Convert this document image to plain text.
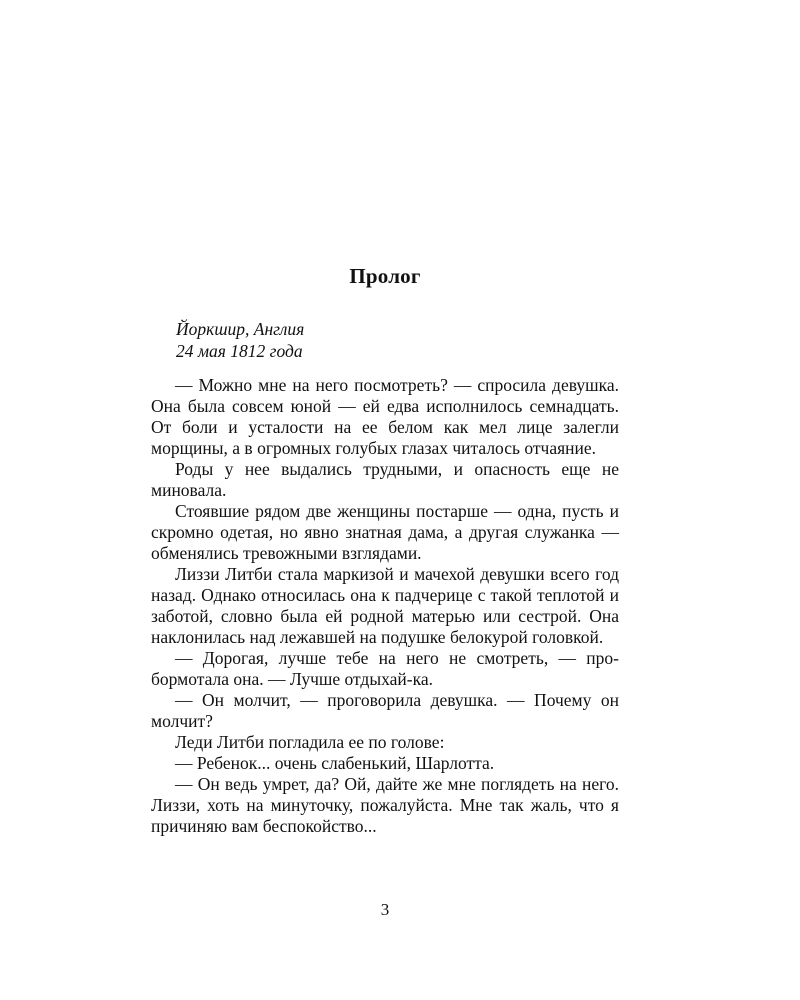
Пролог
Йоркшир, Англия
24 мая 1812 года

— Можно мне на него посмотреть? — спросила девушка. Она была совсем юной — ей едва исполнилось семнадцать. От боли и усталости на ее белом как мел лице залегли морщины, а в огромных голубых глазах читалось отчаяние.

Роды у нее выдались трудными, и опасность еще не миновала.

Стоявшие рядом две женщины постарше — одна, пусть и скромно одетая, но явно знатная дама, а другая служанка — обменялись тревожными взглядами.

Лиззи Литби стала маркизой и мачехой девушки всего год назад. Однако относилась она к падчерице с такой теплотой и заботой, словно была ей родной матерью или сестрой. Она наклонилась над лежавшей на подушке белокурой головкой.

— Дорогая, лучше тебе на него не смотреть, — пробормотала она. — Лучше отдыхай-ка.

— Он молчит, — проговорила девушка. — Почему он молчит?

Леди Литби погладила ее по голове:

— Ребенок... очень слабенький, Шарлотта.

— Он ведь умрет, да? Ой, дайте же мне поглядеть на него. Лиззи, хоть на минуточку, пожалуйста. Мне так жаль, что я причиняю вам беспокойство...

3
